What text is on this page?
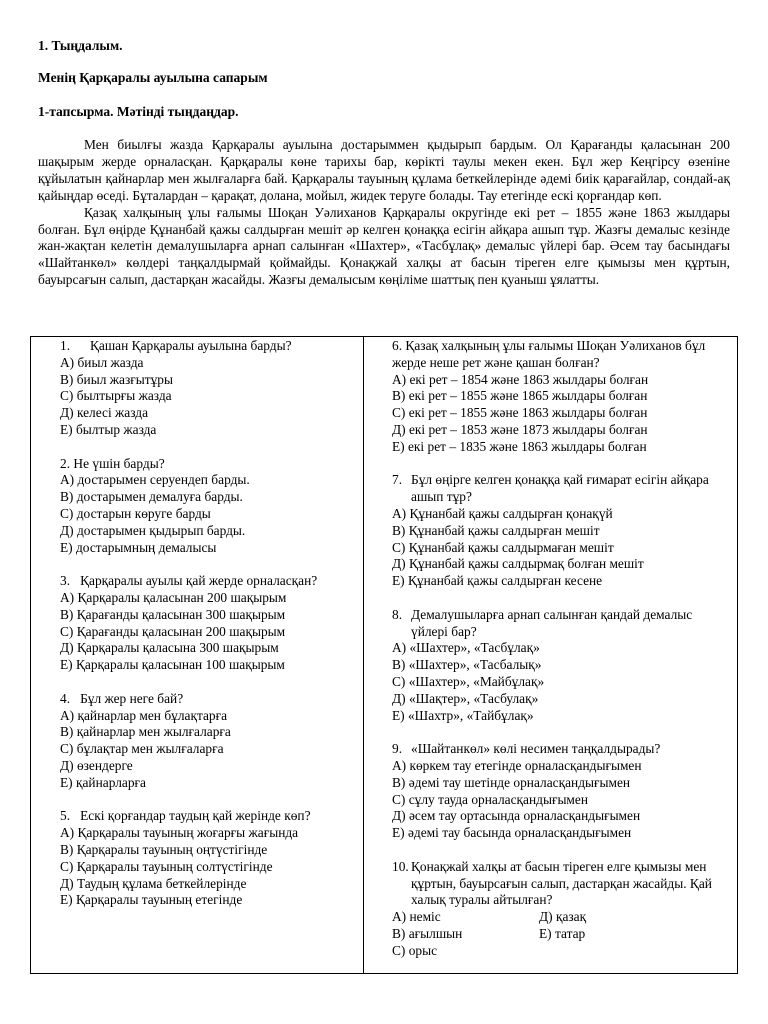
1. Тыңдалым.
Менің Қарқаралы ауылына сапарым
1-тапсырма. Мәтінді тыңдаңдар.

Мен биылғы жазда Қарқаралы ауылына достарыммен қыдырып бардым. Ол Қарағанды қаласынан 200 шақырым жерде орналасқан. Қарқаралы көне тарихы бар, көрікті таулы мекен екен. Бұл жер Кеңгірсу өзеніне құйылатын қайнарлар мен жылғаларға бай. Қарқаралы тауының құлама беткейлерінде әдемі биік қарағайлар, сондай-ақ қайыңдар өседі. Бұталардан – қарақат, долана, мойыл, жидек теруге болады. Тау етегінде ескі қорғандар көп.

Қазақ халқының ұлы ғалымы Шоқан Уәлиханов Қарқаралы округінде екі рет – 1855 және 1863 жылдары болған. Бұл өңірде Құнанбай қажы салдырған мешіт әр келген қонаққа есігін айқара ашып тұр. Жазғы демалыс кезінде жан-жақтан келетін демалушыларға арнап салынған «Шахтер», «Тасбұлақ» демалыс үйлері бар. Әсем тау басындағы «Шайтанкөл» көлдері таңқалдырмай қоймайды. Қонақжай халқы ат басын тіреген елге қымызы мен құртын, бауырсағын салып, дастарқан жасайды. Жазғы демалысым көңіліме шаттық пен қуаныш ұялатты.

1. Қашан Қарқаралы ауылына барды?
А) биыл жазда
В) биыл жазғытұры
С) былтырғы жазда
Д) келесі жазда
Е) былтыр жазда
2. Не үшін барды?
А) достарымен серуендеп барды.
В) достарымен демалуға барды.
С) достарын көруге барды
Д) достарымен қыдырып барды.
Е) достарымның демалысы
3. Қарқаралы ауылы қай жерде орналасқан?
А) Қарқаралы қаласынан 200 шақырым
В) Қарағанды қаласынан 300 шақырым
С) Қарағанды қаласынан 200 шақырым
Д) Қарқаралы қаласына 300 шақырым
Е) Қарқаралы қаласынан 100 шақырым
4. Бұл жер неге бай?
А) қайнарлар мен бұлақтарға
В) қайнарлар мен жылғаларға
С) бұлақтар мен жылғаларға
Д) өзендерге
Е) қайнарларға
5. Ескі қорғандар таудың қай жерінде көп?
А) Қарқаралы тауының жоғарғы жағында
В) Қарқаралы тауының оңтүстігінде
С) Қарқаралы тауының солтүстігінде
Д) Таудың құлама беткейлерінде
Е) Қарқаралы тауының етегінде
6. Қазақ халқының ұлы ғалымы Шоқан Уәлиханов бұл жерде неше рет және қашан болған?
А) екі рет – 1854 және 1863 жылдары болған
В) екі рет – 1855 және 1865 жылдары болған
С) екі рет – 1855 және 1863 жылдары болған
Д) екі рет – 1853 және 1873 жылдары болған
Е) екі рет – 1835 және 1863 жылдары болған
7. Бұл өңірге келген қонаққа қай ғимарат есігін айқара ашып тұр?
А) Құнанбай қажы салдырған қонақүй
В) Құнанбай қажы салдырған мешіт
С) Құнанбай қажы салдырмаған мешіт
Д) Құнанбай қажы салдырмақ болған мешіт
Е) Құнанбай қажы салдырған кесене
8. Демалушыларға арнап салынған қандай демалыс үйлері бар?
А) «Шахтер», «Тасбұлақ»
В) «Шахтер», «Тасбалық»
С) «Шахтер», «Майбұлақ»
Д) «Шақтер», «Тасбулақ»
Е) «Шахтр», «Тайбұлақ»
9. «Шайтанкөл» көлі несимен таңқалдырады?
А) көркем тау етегінде орналасқандығымен
В) әдемі тау шетінде орналасқандығымен
С) сұлу тауда орналасқандығымен
Д) әсем тау ортасында орналасқандығымен
Е) әдемі тау басында орналасқандығымен
10. Қонақжай халқы ат басын тіреген елге қымызы мен құртын, бауырсағын салып, дастарқан жасайды. Қай халық туралы айтылған?
А) неміс	Д) қазақ
В) ағылшын	Е) татар
С) орыс
